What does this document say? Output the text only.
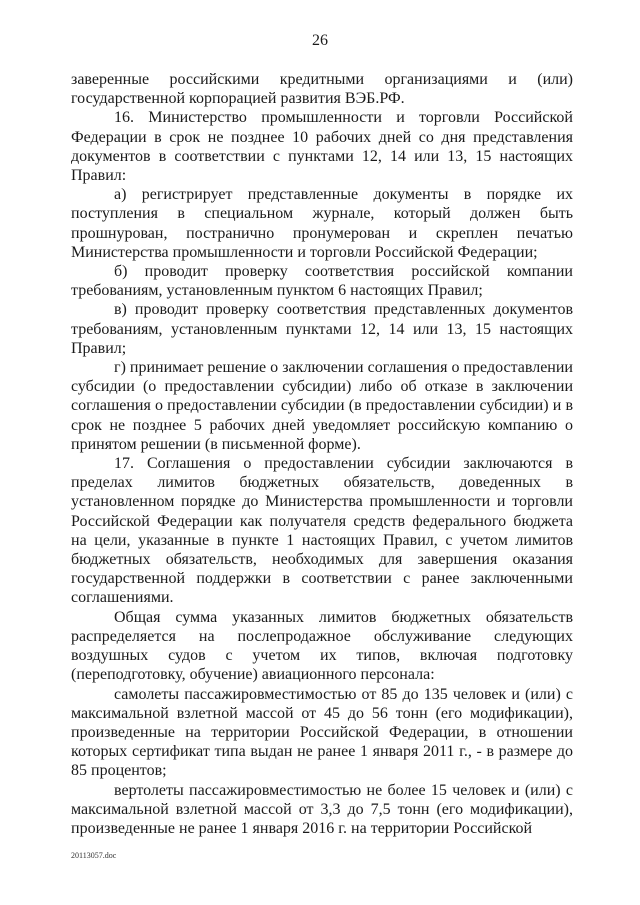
26

заверенные российскими кредитными организациями и (или) государственной корпорацией развития ВЭБ.РФ.

16. Министерство промышленности и торговли Российской Федерации в срок не позднее 10 рабочих дней со дня представления документов в соответствии с пунктами 12, 14 или 13, 15 настоящих Правил:

а) регистрирует представленные документы в порядке их поступления в специальном журнале, который должен быть прошнурован, постранично пронумерован и скреплен печатью Министерства промышленности и торговли Российской Федерации;

б) проводит проверку соответствия российской компании требованиям, установленным пунктом 6 настоящих Правил;

в) проводит проверку соответствия представленных документов требованиям, установленным пунктами 12, 14 или 13, 15 настоящих Правил;

г) принимает решение о заключении соглашения о предоставлении субсидии (о предоставлении субсидии) либо об отказе в заключении соглашения о предоставлении субсидии (в предоставлении субсидии) и в срок не позднее 5 рабочих дней уведомляет российскую компанию о принятом решении (в письменной форме).

17. Соглашения о предоставлении субсидии заключаются в пределах лимитов бюджетных обязательств, доведенных в установленном порядке до Министерства промышленности и торговли Российской Федерации как получателя средств федерального бюджета на цели, указанные в пункте 1 настоящих Правил, с учетом лимитов бюджетных обязательств, необходимых для завершения оказания государственной поддержки в соответствии с ранее заключенными соглашениями.

Общая сумма указанных лимитов бюджетных обязательств распределяется на послепродажное обслуживание следующих воздушных судов с учетом их типов, включая подготовку (переподготовку, обучение) авиационного персонала:

самолеты пассажировместимостью от 85 до 135 человек и (или) с максимальной взлетной массой от 45 до 56 тонн (его модификации), произведенные на территории Российской Федерации, в отношении которых сертификат типа выдан не ранее 1 января 2011 г., - в размере до 85 процентов;

вертолеты пассажировместимостью не более 15 человек и (или) с максимальной взлетной массой от 3,3 до 7,5 тонн (его модификации), произведенные не ранее 1 января 2016 г. на территории Российской

20113057.doc
